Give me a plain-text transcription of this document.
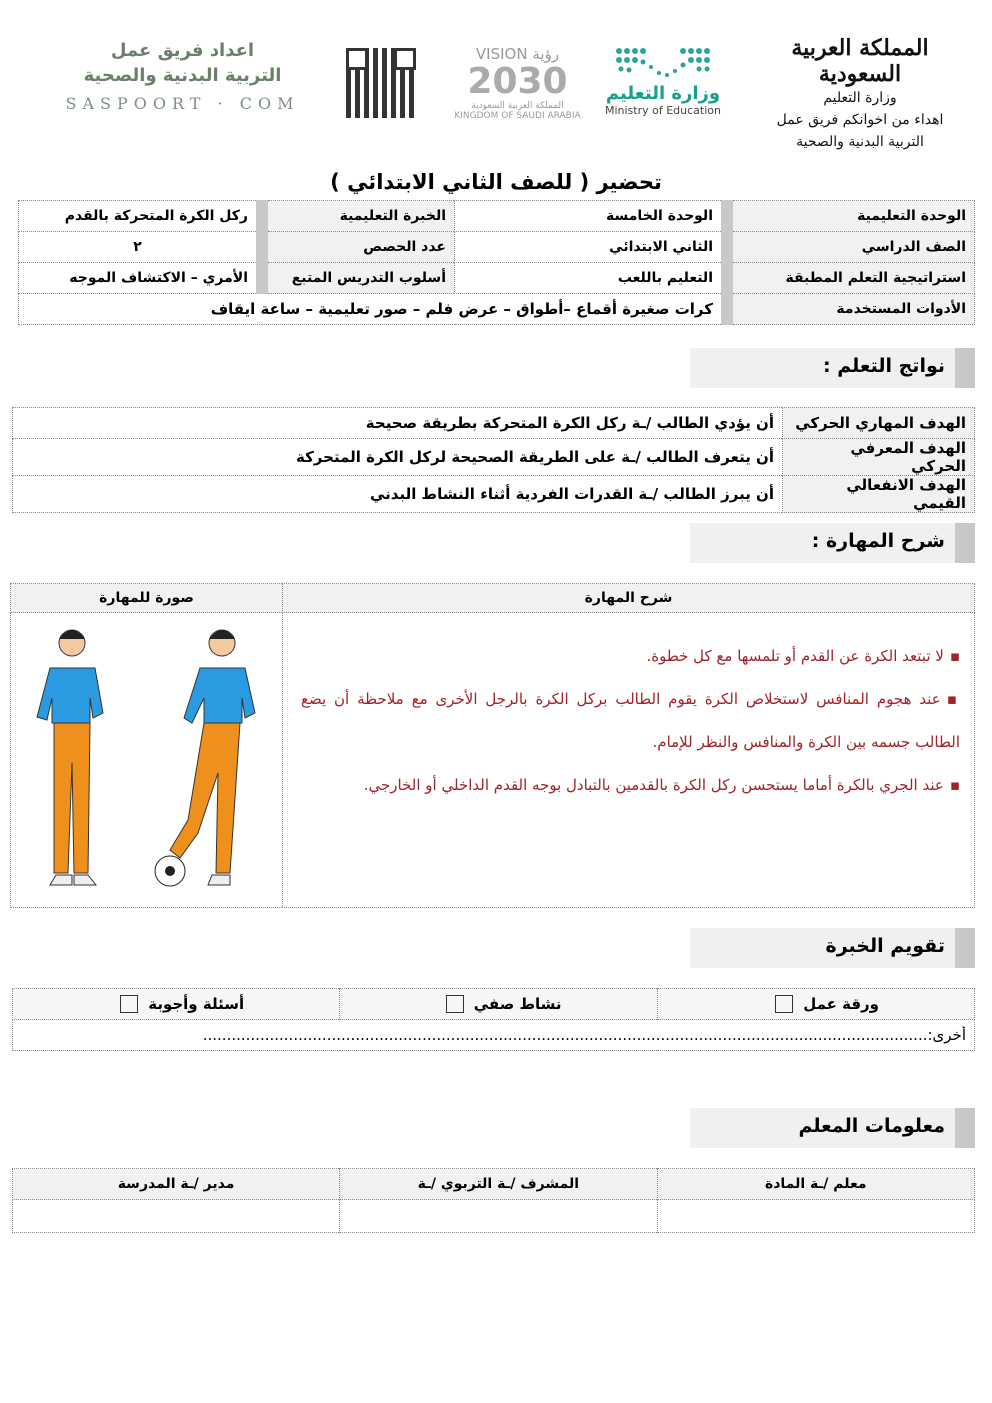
اعداد فريق عمل
التربية البدنية والصحية
SASPOORT · COM
VISION رؤية
2030
المملكة العربية السعودية
KINGDOM OF SAUDI ARABIA
وزارة التعليم
Ministry of Education
المملكة العربية السعودية
وزارة التعليم
اهداء من اخوانكم فريق عمل
التربية البدنية والصحية
تحضير ( للصف الثاني الابتدائي )
الوحدة التعليمية	الوحدة الخامسة	الخبرة التعليمية	ركل الكرة المتحركة بالقدم
الصف الدراسي	الثاني الابتدائي	عدد الحصص	٢
استراتيجية التعلم المطبقة	التعليم باللعب	أسلوب التدريس المتبع	الأمري – الاكتشاف الموجه
الأدوات المستخدمة	كرات صغيرة أقماع –أطواق – عرض فلم – صور تعليمية – ساعة ايقاف		
نواتج التعلم :
الهدف المهاري الحركي	أن يؤدي الطالب /ـة ركل الكرة المتحركة بطريقة صحيحة
الهدف المعرفي الحركي	أن يتعرف الطالب /ـة على الطريقة الصحيحة لركل الكرة المتحركة
الهدف الانفعالي القيمي	أن يبرز الطالب /ـة القدرات الفردية أثناء النشاط البدني
شرح المهارة :
شرح المهارة	صورة للمهارة

▪لا تبتعد الكرة عن القدم أو تلمسها مع كل خطوة.
▪عند هجوم المنافس لاستخلاص الكرة يقوم الطالب بركل الكرة بالرجل الأخرى مع ملاحظة أن يضع الطالب جسمه بين الكرة والمنافس والنظر للإمام.
▪عند الجري بالكرة أماما يستحسن ركل الكرة بالقدمين بالتبادل بوجه القدم الداخلي أو الخارجي.

تقويم الخبرة
ورقة عمل	نشاط صفي	أسئلة وأجوبة

أخرى:........................................................................................................................................................
معلومات المعلم
معلم /ـة المادة	المشرف /ـة التربوي /ـة	مدير /ـة المدرسة
